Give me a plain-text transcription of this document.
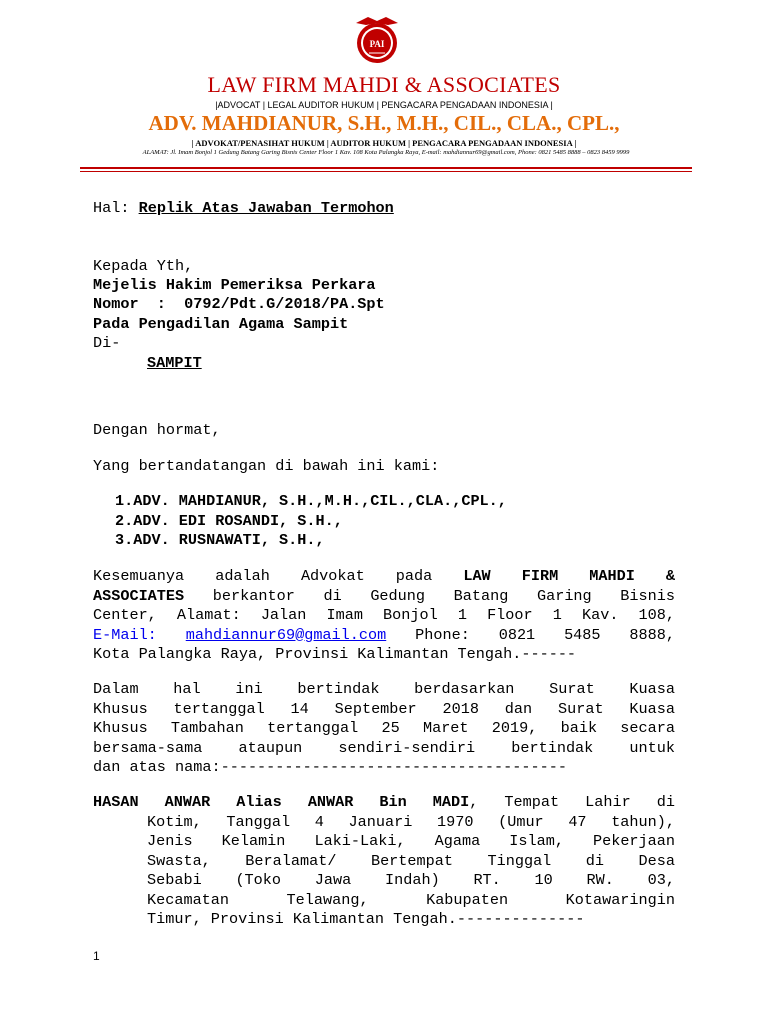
PAI
LAW FIRM MAHDI & ASSOCIATES
|ADVOCAT | LEGAL AUDITOR HUKUM | PENGACARA PENGADAAN INDONESIA |
ADV. MAHDIANUR, S.H., M.H., CIL., CLA., CPL.,
| ADVOKAT/PENASIHAT HUKUM | AUDITOR HUKUM | PENGACARA PENGADAAN INDONESIA |
ALAMAT: Jl. Imam Bonjol 1 Gedung Batang Garing Bisnis Center Floor 1 Kav. 108 Kota Palangka Raya, E-mail: mahdiannur69@gmail.com, Phone: 0821 5485 8888 – 0823 8459 9999
Hal: Replik Atas Jawaban Termohon
Kepada Yth,
Mejelis Hakim Pemeriksa Perkara
Nomor  :  0792/Pdt.G/2018/PA.Spt
Pada Pengadilan Agama Sampit
Di-
SAMPIT
Dengan hormat,
Yang bertandatangan di bawah ini kami:
1.ADV. MAHDIANUR, S.H.,M.H.,CIL.,CLA.,CPL.,
2.ADV. EDI ROSANDI, S.H.,
3.ADV. RUSNAWATI, S.H.,
Kesemuanya adalah Advokat pada LAW FIRM MAHDI &
ASSOCIATES berkantor di Gedung Batang Garing Bisnis
Center, Alamat: Jalan Imam Bonjol 1 Floor 1 Kav. 108,
E-Mail: mahdiannur69@gmail.com Phone: 0821 5485 8888,
Kota Palangka Raya, Provinsi Kalimantan Tengah.------
Dalam hal ini bertindak berdasarkan Surat Kuasa
Khusus tertanggal 14 September 2018 dan Surat Kuasa
Khusus Tambahan tertanggal 25 Maret 2019, baik secara
bersama-sama ataupun sendiri-sendiri bertindak untuk
dan atas nama:--------------------------------------
HASAN ANWAR Alias ANWAR Bin MADI, Tempat Lahir di
Kotim, Tanggal 4 Januari 1970 (Umur 47 tahun),
Jenis Kelamin Laki-Laki, Agama Islam, Pekerjaan
Swasta, Beralamat/ Bertempat Tinggal di Desa
Sebabi (Toko Jawa Indah) RT. 10 RW. 03,
Kecamatan Telawang, Kabupaten Kotawaringin
Timur, Provinsi Kalimantan Tengah.--------------
1
